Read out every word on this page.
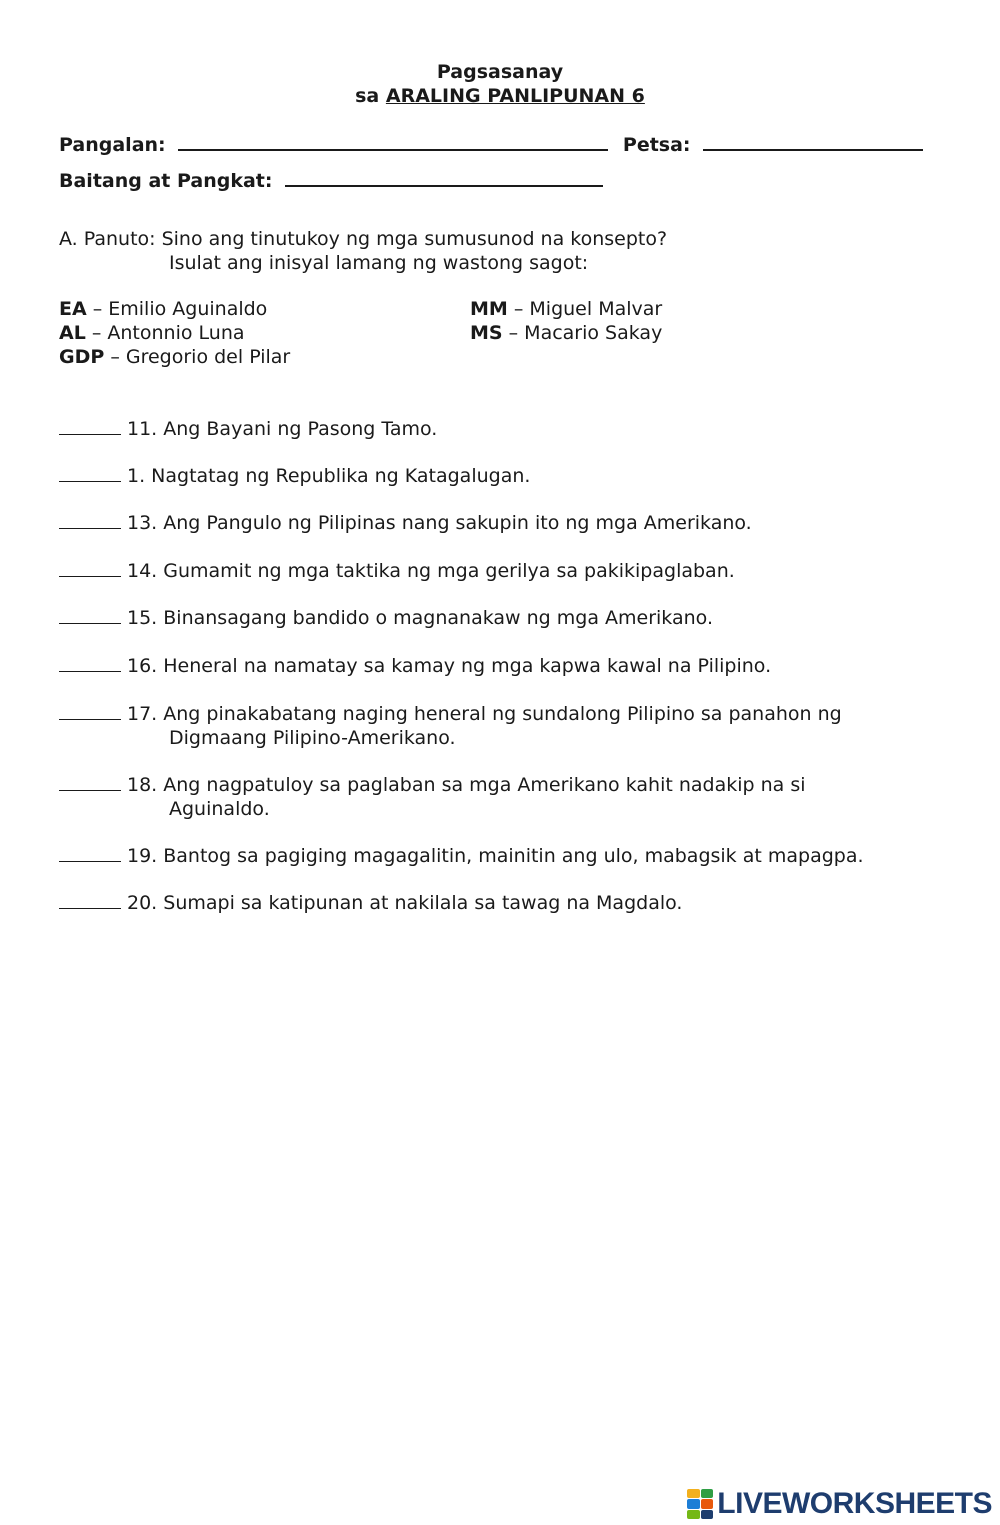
Pagsasanay
sa ARALING PANLIPUNAN 6
Pangalan:	Petsa:
Baitang at Pangkat:
A. Panuto: Sino ang tinutukoy ng mga sumusunod na konsepto?
Isulat ang inisyal lamang ng wastong sagot:
EA – Emilio Aguinaldo
AL – Antonnio Luna
GDP – Gregorio del Pilar
MM – Miguel Malvar
MS – Macario Sakay
11. Ang Bayani ng Pasong Tamo.
1. Nagtatag ng Republika ng Katagalugan.
13. Ang Pangulo ng Pilipinas nang sakupin ito ng mga Amerikano.
14. Gumamit ng mga taktika ng mga gerilya sa pakikipaglaban.
15. Binansagang bandido o magnanakaw ng mga Amerikano.
16. Heneral na namatay sa kamay ng mga kapwa kawal na Pilipino.
17. Ang pinakabatang naging heneral ng sundalong Pilipino sa panahon ng
Digmaang Pilipino-Amerikano.
18. Ang nagpatuloy sa paglaban sa mga Amerikano kahit nadakip na si
Aguinaldo.
19. Bantog sa pagiging magagalitin, mainitin ang ulo, mabagsik at mapagpa.
20. Sumapi sa katipunan at nakilala sa tawag na Magdalo.
LIVEWORKSHEETS
